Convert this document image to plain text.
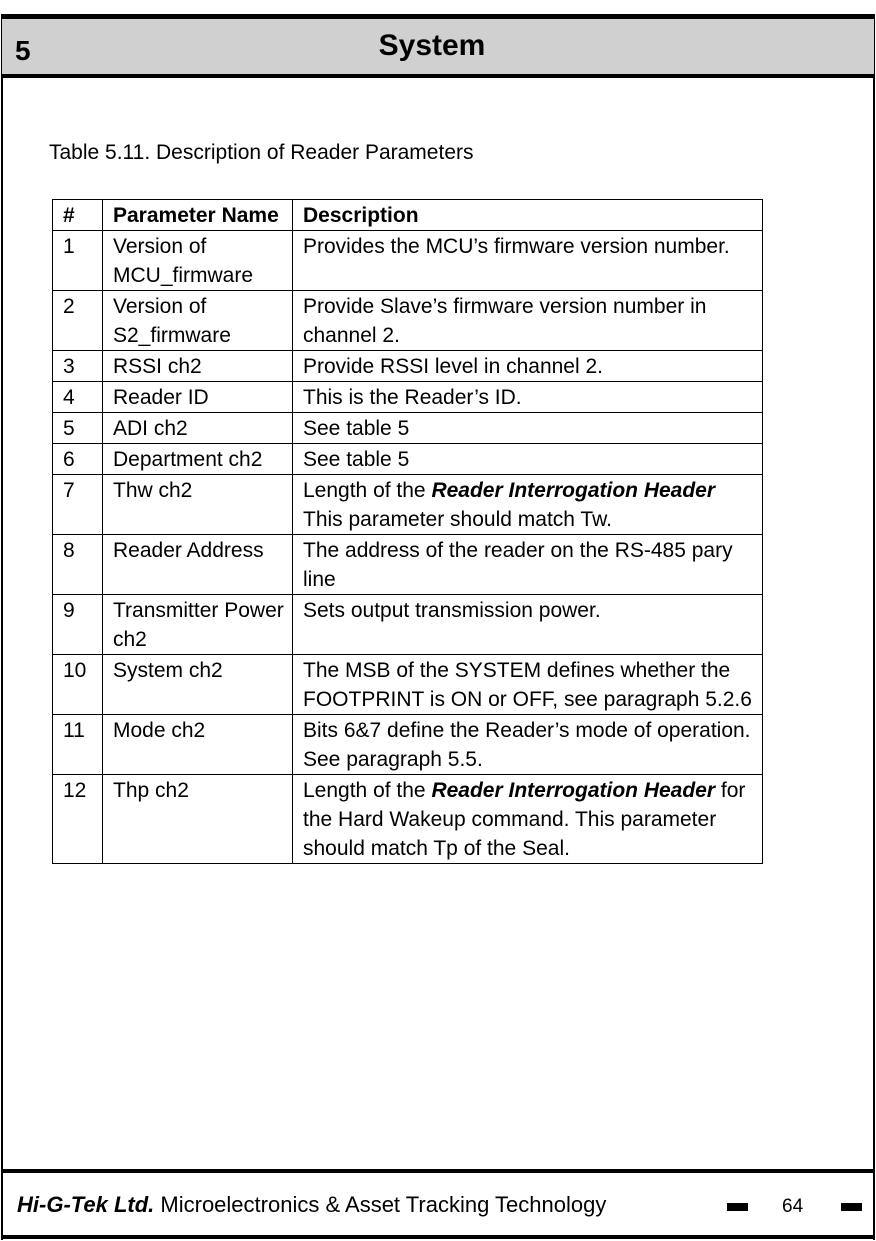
5	System
Table 5.11. Description of Reader Parameters
#	Parameter Name	Description
1	Version of MCU_firmware	Provides the MCU’s firmware version number.
2	Version of S2_firmware	Provide Slave’s firmware version number in channel 2.
3	RSSI ch2	Provide RSSI level in channel 2.
4	Reader ID	This is the Reader’s ID.
5	ADI ch2	See table 5
6	Department ch2	See table 5
7	Thw ch2	Length of the Reader Interrogation Header This parameter should match Tw.
8	Reader Address	The address of the reader on the RS-485 pary line
9	Transmitter Power ch2	Sets output transmission power.
10	System ch2	The MSB of the SYSTEM defines whether the FOOTPRINT is ON or OFF, see paragraph 5.2.6
11	Mode ch2	Bits 6&7 define the Reader’s mode of operation. See paragraph 5.5.
12	Thp ch2	Length of the Reader Interrogation Header for the Hard Wakeup command. This parameter should match Tp of the Seal.
Hi-G-Tek Ltd. Microelectronics & Asset Tracking Technology	64
